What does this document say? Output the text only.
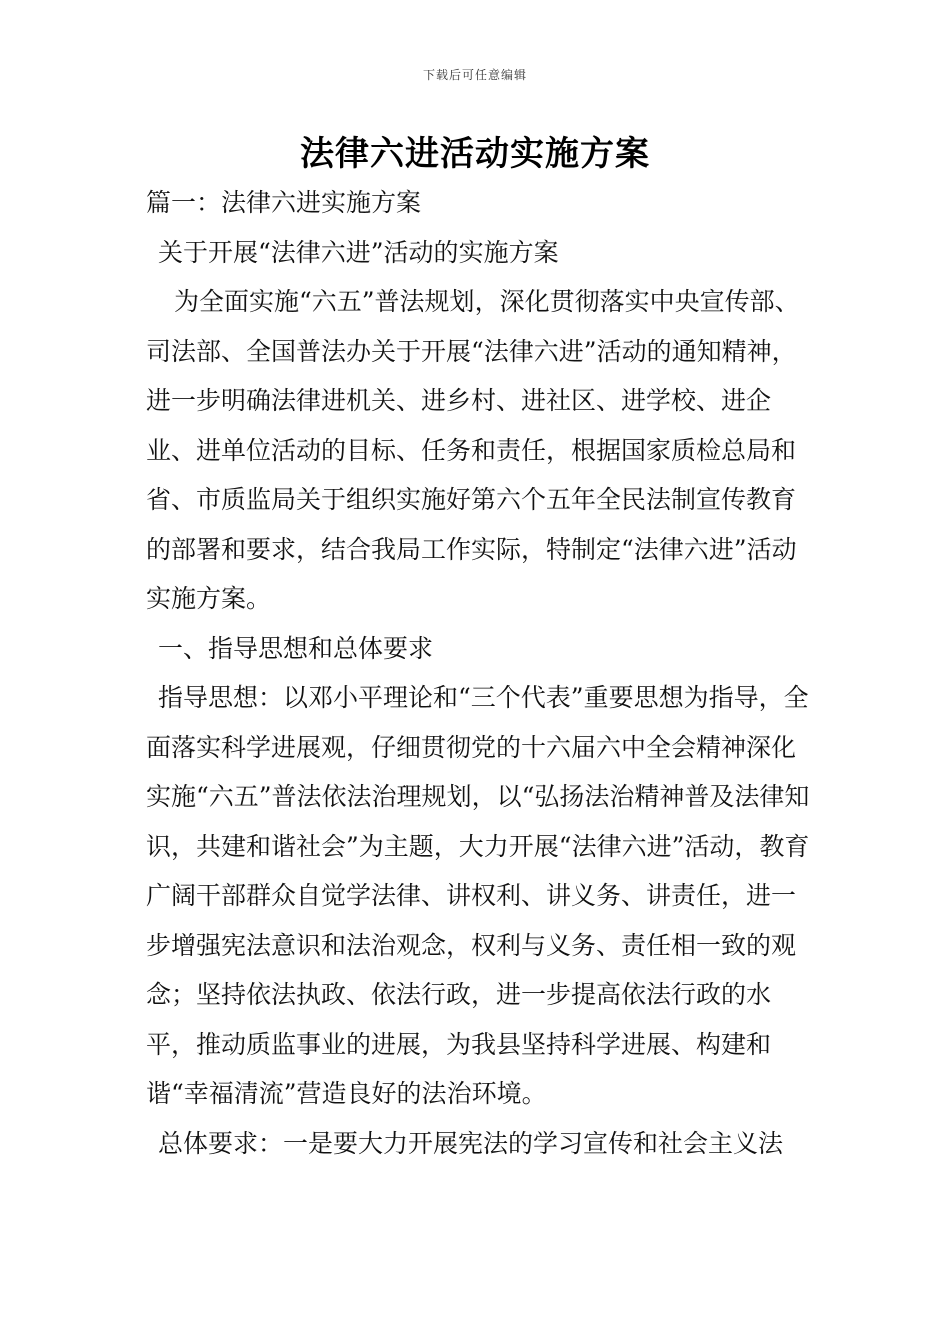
下载后可任意编辑
法律六进活动实施方案

篇一：法律六进实施方案

关于开展“法律六进”活动的实施方案

为全面实施“六五”普法规划，深化贯彻落实中央宣传部、司法部、全国普法办关于开展“法律六进”活动的通知精神，进一步明确法律进机关、进乡村、进社区、进学校、进企业、进单位活动的目标、任务和责任，根据国家质检总局和省、市质监局关于组织实施好第六个五年全民法制宣传教育的部署和要求，结合我局工作实际，特制定“法律六进”活动实施方案。

一、指导思想和总体要求

指导思想：以邓小平理论和“三个代表”重要思想为指导，全面落实科学进展观，仔细贯彻党的十六届六中全会精神深化实施“六五”普法依法治理规划，以“弘扬法治精神普及法律知识，共建和谐社会”为主题，大力开展“法律六进”活动，教育广阔干部群众自觉学法律、讲权利、讲义务、讲责任，进一步增强宪法意识和法治观念，权利与义务、责任相一致的观念；坚持依法执政、依法行政，进一步提高依法行政的水平，推动质监事业的进展，为我县坚持科学进展、构建和谐“幸福清流”营造良好的法治环境。

总体要求：一是要大力开展宪法的学习宣传和社会主义法
